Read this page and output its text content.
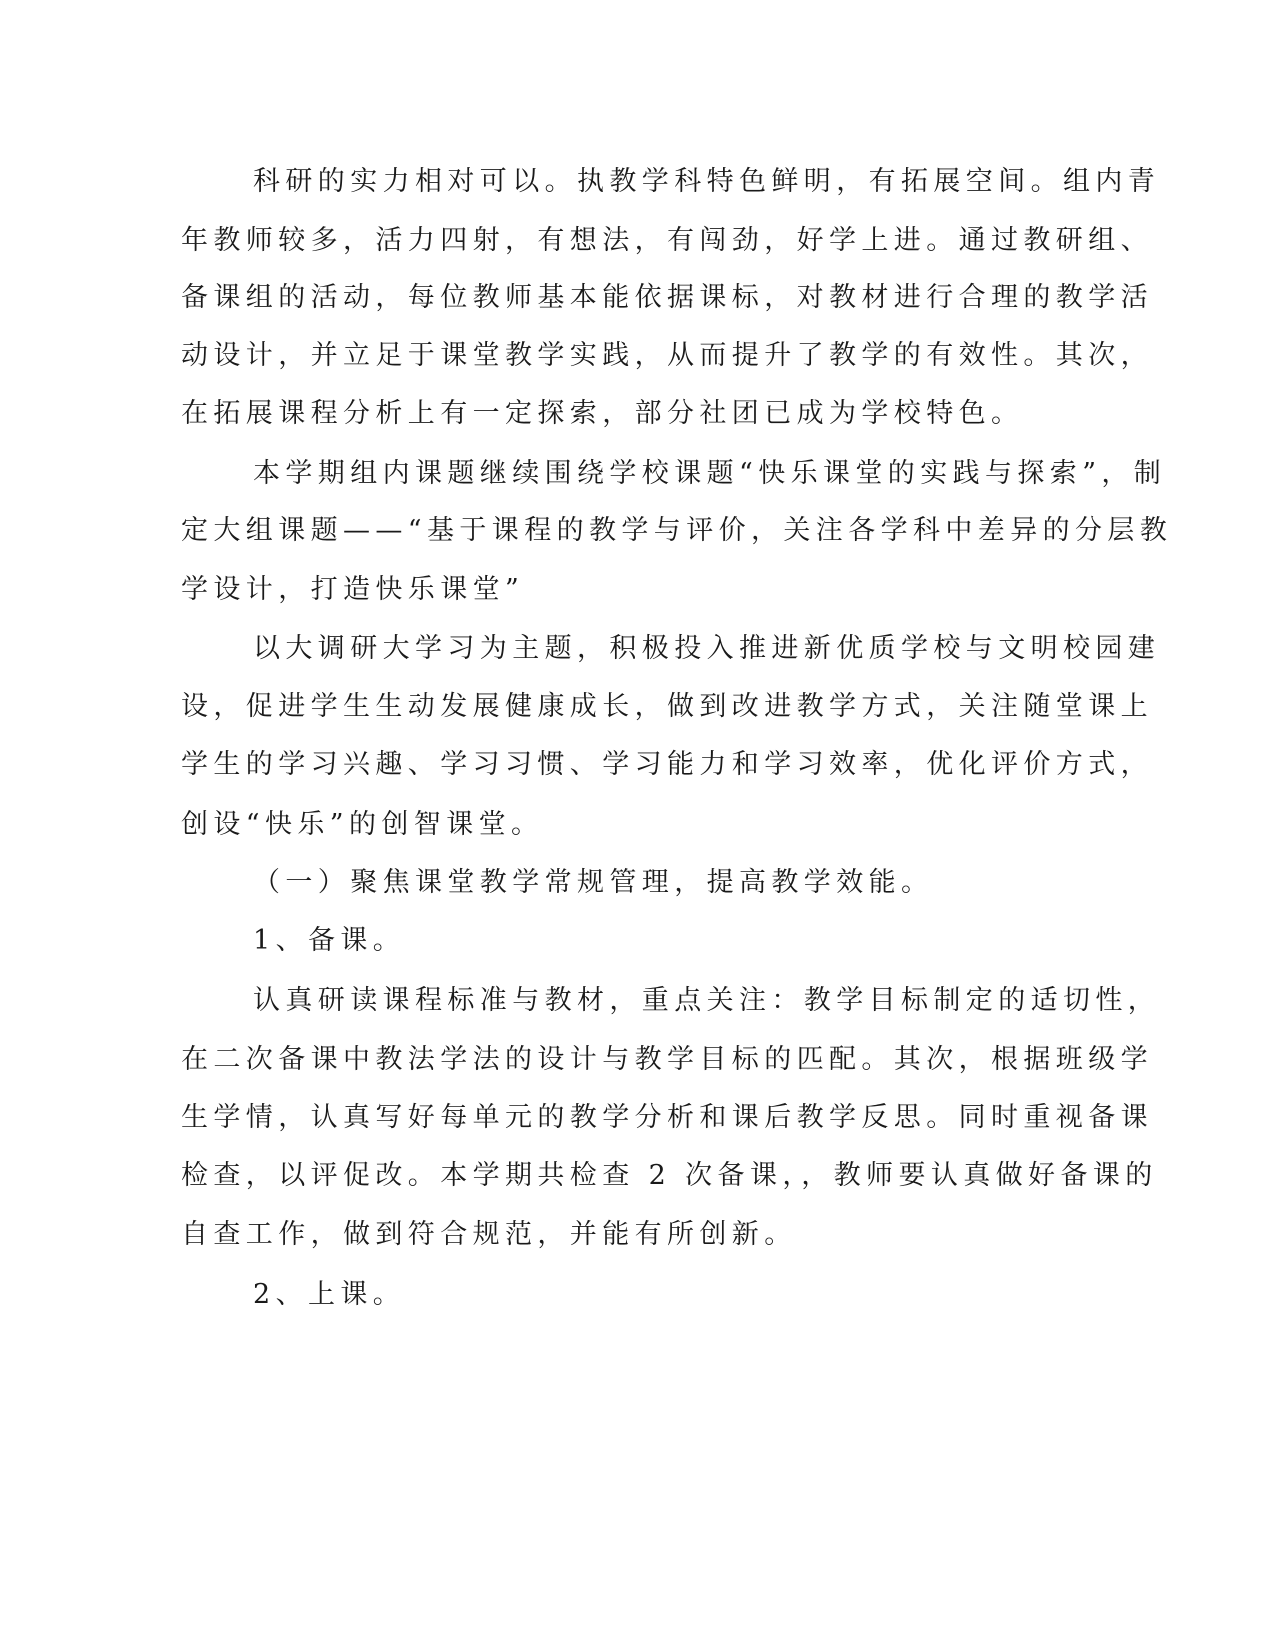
科研的实力相对可以。执教学科特色鲜明，有拓展空间。组内青
年教师较多，活力四射，有想法，有闯劲，好学上进。通过教研组、
备课组的活动，每位教师基本能依据课标，对教材进行合理的教学活
动设计，并立足于课堂教学实践，从而提升了教学的有效性。其次，
在拓展课程分析上有一定探索，部分社团已成为学校特色。
本学期组内课题继续围绕学校课题“快乐课堂的实践与探索”，制
定大组课题——“基于课程的教学与评价，关注各学科中差异的分层教
学设计，打造快乐课堂”
以大调研大学习为主题，积极投入推进新优质学校与文明校园建
设，促进学生生动发展健康成长，做到改进教学方式，关注随堂课上
学生的学习兴趣、学习习惯、学习能力和学习效率，优化评价方式，
创设“快乐”的创智课堂。
（一）聚焦课堂教学常规管理，提高教学效能。
1、备课。
认真研读课程标准与教材，重点关注：教学目标制定的适切性，
在二次备课中教法学法的设计与教学目标的匹配。其次，根据班级学
生学情，认真写好每单元的教学分析和课后教学反思。同时重视备课
检查，以评促改。本学期共检查 2 次备课，，教师要认真做好备课的
自查工作，做到符合规范，并能有所创新。
2、上课。
